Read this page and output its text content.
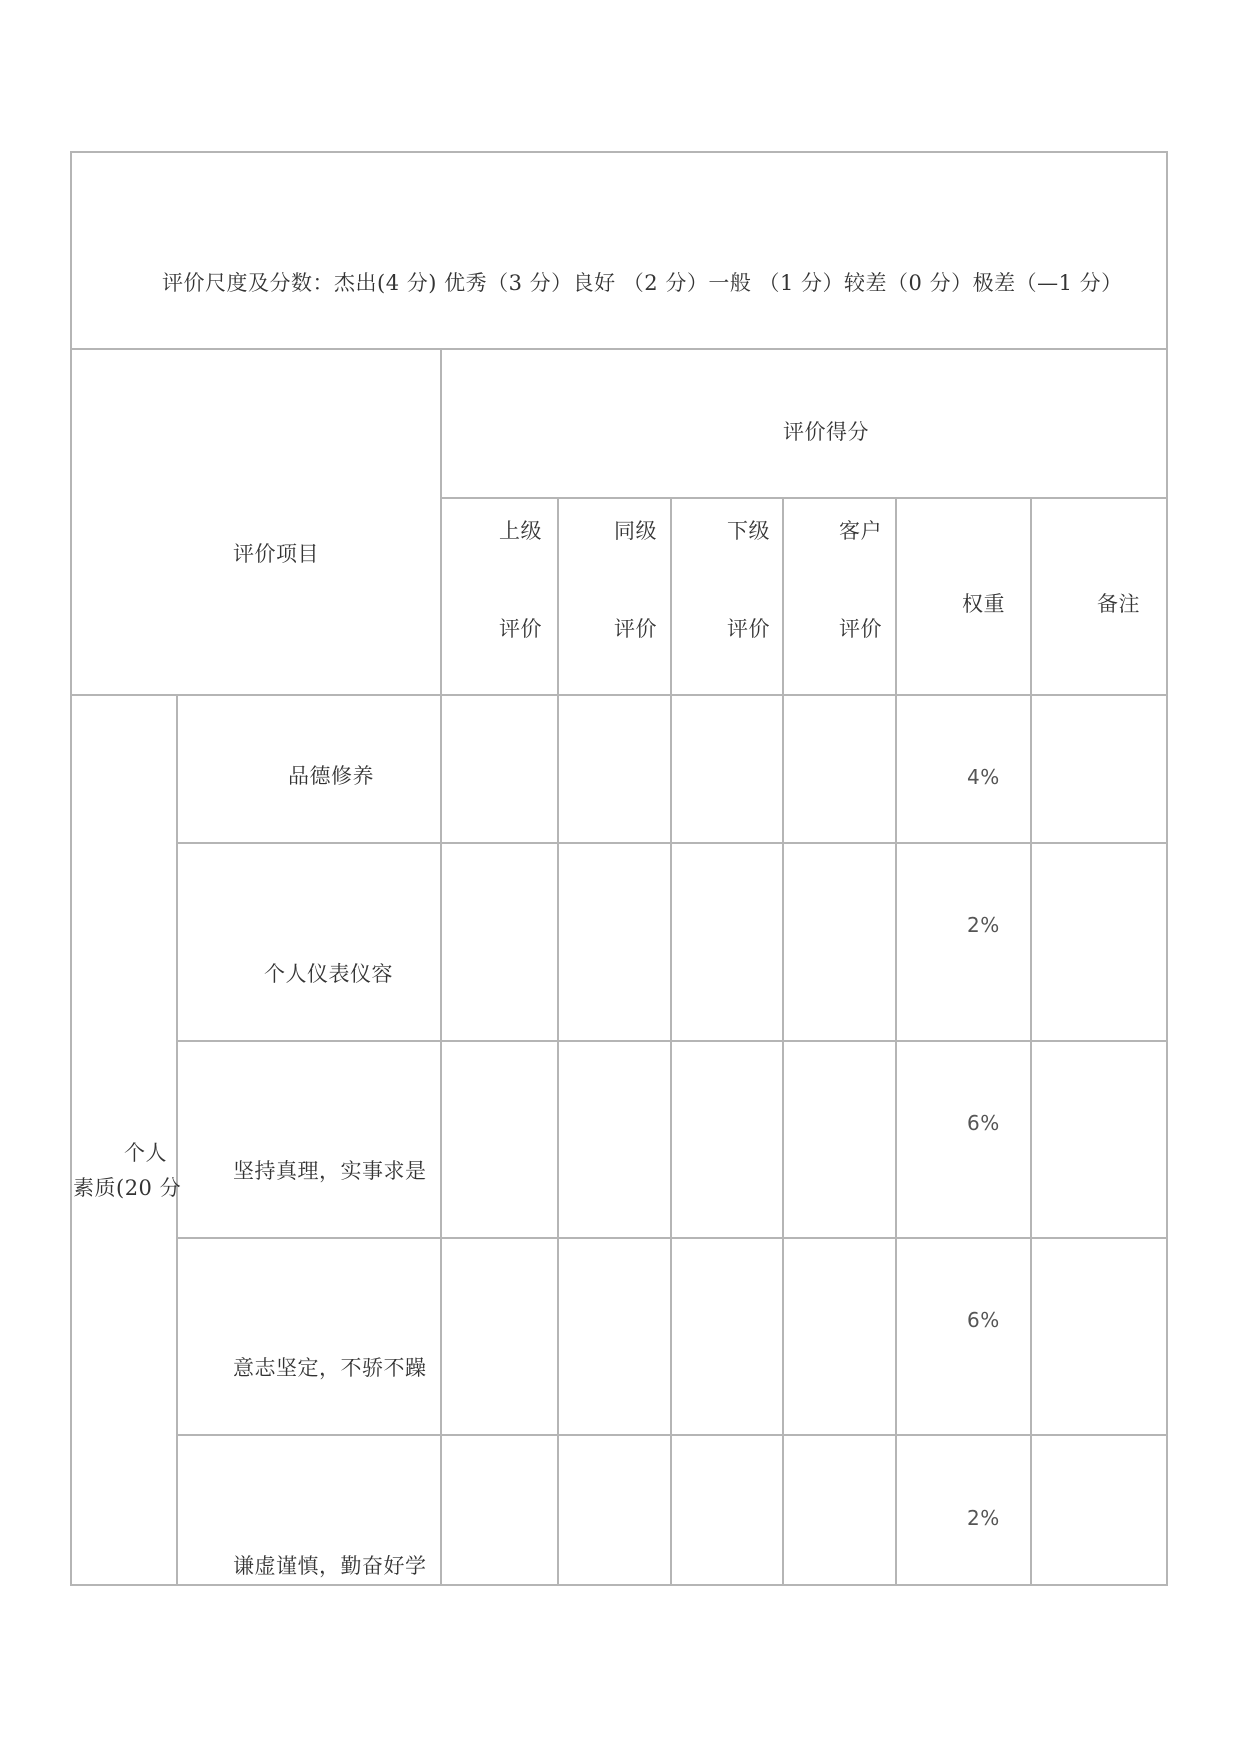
评价尺度及分数：杰出(4 分) 优秀（3 分）良好 （2 分）一般 （1 分）较差（0 分）极差（—1 分）
评价项目
评价得分
上级
评价
同级
评价
下级
评价
客户
评价
权重	备注
个人
素质(20 分
品德修养	4%
个人仪表仪容
2%
坚持真理，实事求是
6%
意志坚定，不骄不躁
6%
谦虚谨慎，勤奋好学
2%
